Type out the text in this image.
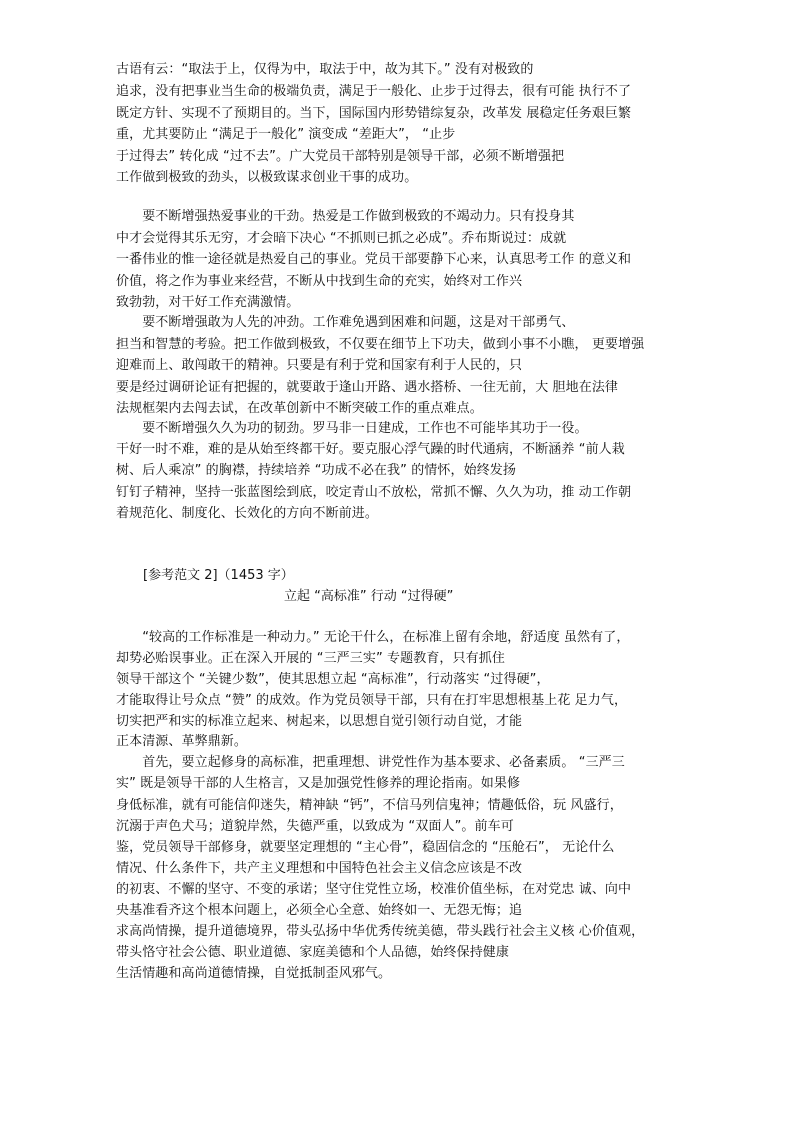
古语有云：“取法于上，仅得为中，取法于中，故为其下。” 没有对极致的
追求，没有把事业当生命的极端负责，满足于一般化、止步于过得去，很有可能 执行不了
既定方针、实现不了预期目的。当下，国际国内形势错综复杂，改革发 展稳定任务艰巨繁
重，尤其要防止 “满足于一般化” 演变成 “差距大”， “止步
于过得去” 转化成 “过不去”。广大党员干部特别是领导干部，必须不断增强把
工作做到极致的劲头，以极致谋求创业干事的成功。
　　要不断增强热爱事业的干劲。热爱是工作做到极致的不竭动力。只有投身其
中才会觉得其乐无穷，才会暗下决心 “不抓则已抓之必成”。乔布斯说过：成就
一番伟业的惟一途径就是热爱自己的事业。党员干部要静下心来，认真思考工作 的意义和
价值，将之作为事业来经营，不断从中找到生命的充实，始终对工作兴
致勃勃，对干好工作充满激情。
　　要不断增强敢为人先的冲劲。工作难免遇到困难和问题，这是对干部勇气、
担当和智慧的考验。把工作做到极致，不仅要在细节上下功夫，做到小事不小瞧， 更要增强
迎难而上、敢闯敢干的精神。只要是有利于党和国家有利于人民的，只
要是经过调研论证有把握的，就要敢于逢山开路、遇水搭桥、一往无前，大 胆地在法律
法规框架内去闯去试，在改革创新中不断突破工作的重点难点。
　　要不断增强久久为功的韧劲。罗马非一日建成，工作也不可能毕其功于一役。
干好一时不难，难的是从始至终都干好。要克服心浮气躁的时代通病，不断涵养 “前人栽
树、后人乘凉” 的胸襟，持续培养 “功成不必在我” 的情怀，始终发扬
钉钉子精神，坚持一张蓝图绘到底，咬定青山不放松，常抓不懈、久久为功，推 动工作朝
着规范化、制度化、长效化的方向不断前进。
[参考范文 2]（1453 字）
立起 “高标准” 行动 “过得硬”
　　“较高的工作标准是一种动力。” 无论干什么，在标准上留有余地，舒适度 虽然有了，
却势必贻误事业。正在深入开展的 “三严三实” 专题教育，只有抓住
领导干部这个 “关键少数”，使其思想立起 “高标准”，行动落实 “过得硬”，
才能取得让号众点 “赞” 的成效。作为党员领导干部，只有在打牢思想根基上花 足力气，
切实把严和实的标准立起来、树起来，以思想自觉引领行动自觉，才能
正本清源、革弊鼎新。
　　首先，要立起修身的高标准，把重理想、讲党性作为基本要求、必备素质。 “三严三
实” 既是领导干部的人生格言，又是加强党性修养的理论指南。如果修
身低标准，就有可能信仰迷失，精神缺 “钙”，不信马列信鬼神；情趣低俗，玩 风盛行，
沉溺于声色犬马；道貌岸然，失德严重，以致成为 “双面人”。前车可
鉴，党员领导干部修身，就要坚定理想的 “主心骨”，稳固信念的 “压舱石”， 无论什么
情况、什么条件下，共产主义理想和中国特色社会主义信念应该是不改
的初衷、不懈的坚守、不变的承诺；坚守住党性立场，校准价值坐标，在对党忠 诚、向中
央基准看齐这个根本问题上，必须全心全意、始终如一、无怨无悔；追
求高尚情操，提升道德境界，带头弘扬中华优秀传统美德，带头践行社会主义核 心价值观，
带头恪守社会公德、职业道德、家庭美德和个人品德，始终保持健康
生活情趣和高尚道德情操，自觉抵制歪风邪气。
